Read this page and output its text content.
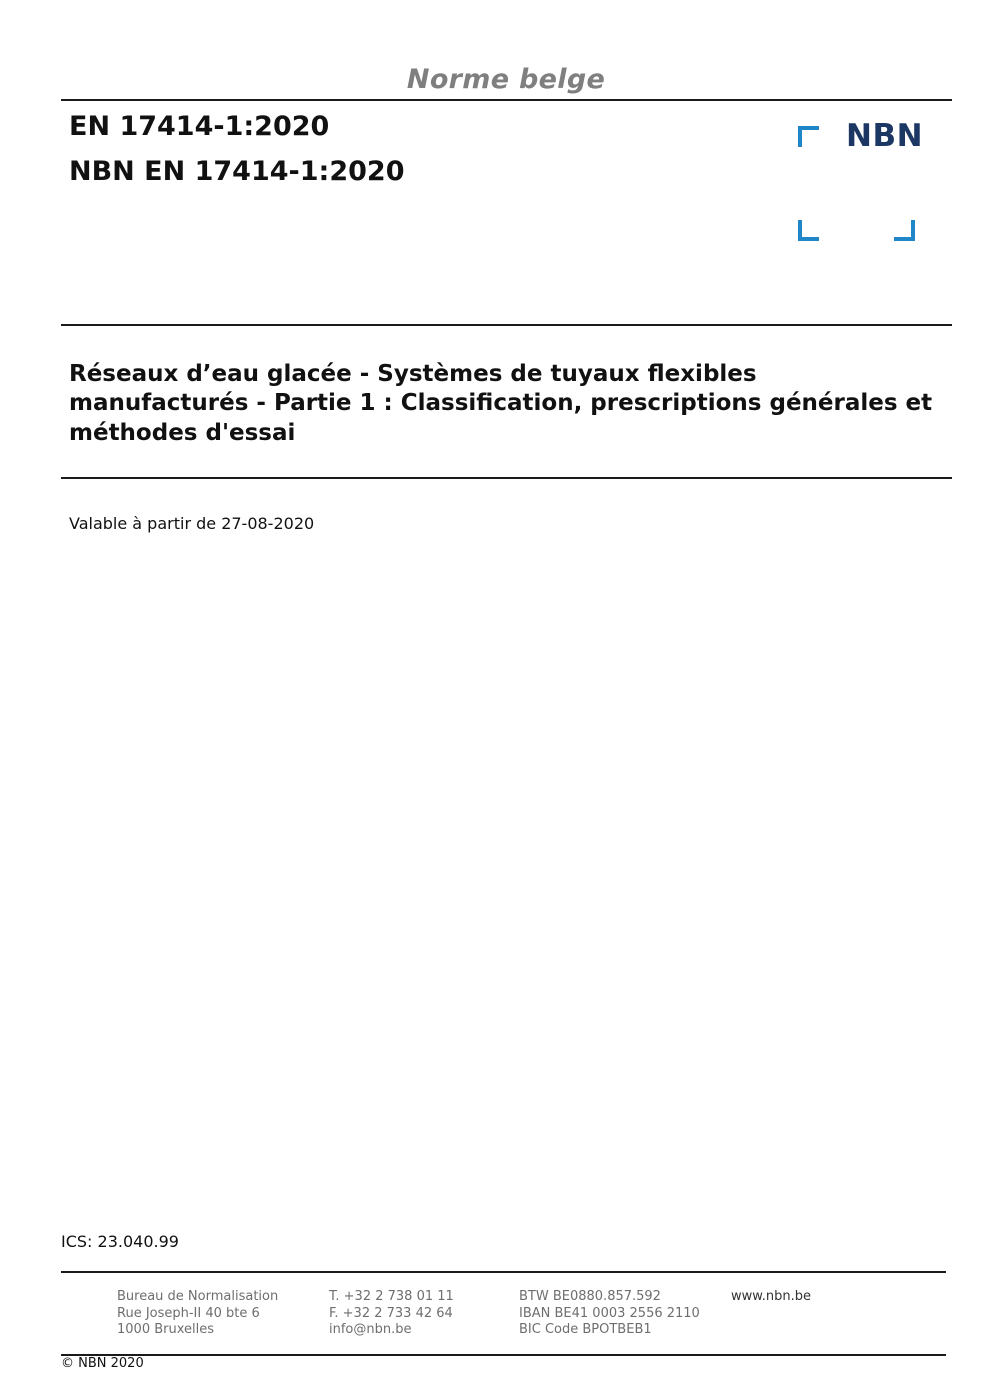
Norme belge
EN 17414-1:2020
NBN EN 17414-1:2020
NBN
Réseaux d’eau glacée - Systèmes de tuyaux flexibles
manufacturés - Partie 1 : Classification, prescriptions générales et
méthodes d'essai
Valable à partir de 27-08-2020
ICS: 23.040.99
Bureau de Normalisation
Rue Joseph-II 40 bte 6
1000 Bruxelles
T. +32 2 738 01 11
F. +32 2 733 42 64
info@nbn.be
BTW BE0880.857.592
IBAN BE41 0003 2556 2110
BIC Code BPOTBEB1
www.nbn.be
© NBN 2020
